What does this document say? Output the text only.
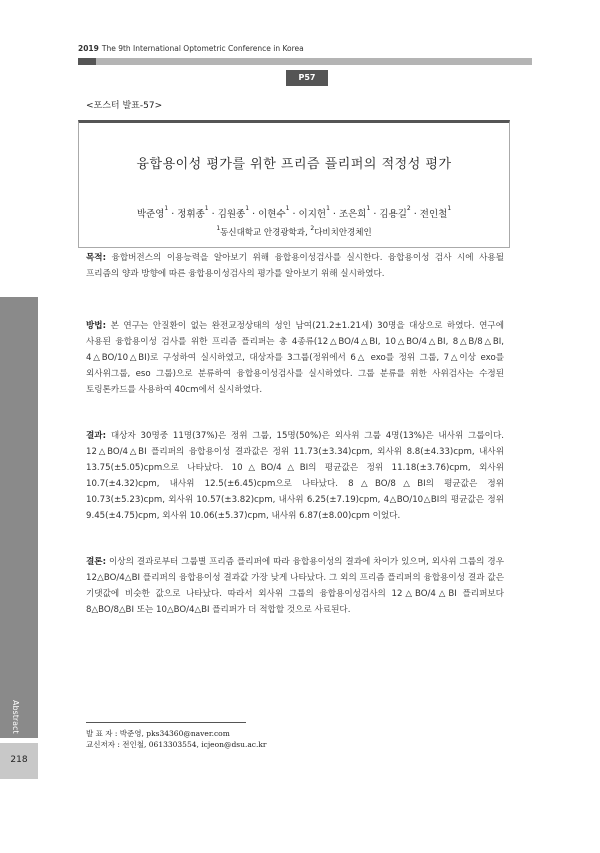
2019 The 9th International Optometric Conference in Korea
P57
<포스터 발표-57>
융합용이성 평가를 위한 프리즘 플리퍼의 적정성 평가
박준영$^1$ · 정휘종$^1$ · 김원종$^1$ · 이현수$^1$ · 이지헌$^1$ · 조은희$^1$ · 김용길$^2$ · 전인철$^1$
$^1$동신대학교 안경광학과, $^2$다비치안경체인
목적: 융합버전스의 이용능력을 알아보기 위해 융합용이성검사를 실시한다. 융합용이성 검사 시에 사용될 프리즘의 양과 방향에 따른 융합용이성검사의 평가를 알아보기 위해 실시하였다.
방법: 본 연구는 안질환이 없는 완전교정상태의 성인 남여(21.2±1.21세) 30명을 대상으로 하였다. 연구에 사용된 융합용이성 검사를 위한 프리즘 플리퍼는 총 4종류(12△BO/4△BI, 10△BO/4△BI, 8△B/8△BI, 4△BO/10△BI)로 구성하여 실시하였고, 대상자를 3그룹(정위에서 6△ exo를 정위 그룹, 7△이상 exo를 외사위그룹, eso 그룹)으로 분류하여 융합용이성검사를 실시하였다. 그룹 분류를 위한 사위검사는 수정된 토링톤카드를 사용하여 40cm에서 실시하였다.
결과: 대상자 30명중 11명(37%)은 정위 그룹, 15명(50%)은 외사위 그룹 4명(13%)은 내사위 그룹이다. 12△BO/4△BI 플리퍼의 융합용이성 결과값은 정위 11.73(±3.34)cpm, 외사위 8.8(±4.33)cpm, 내사위 13.75(±5.05)cpm으로 나타났다. 10△BO/4△BI의 평균값은 정위 11.18(±3.76)cpm, 외사위 10.7(±4.32)cpm, 내사위 12.5(±6.45)cpm으로 나타났다. 8△BO/8△BI의 평균값은 정위 10.73(±5.23)cpm, 외사위 10.57(±3.82)cpm, 내사위 6.25(±7.19)cpm, 4△BO/10△BI의 평균값은 정위 9.45(±4.75)cpm, 외사위 10.06(±5.37)cpm, 내사위 6.87(±8.00)cpm 이었다.
결론: 이상의 결과로부터 그룹별 프리즘 플리퍼에 따라 융합용이성의 결과에 차이가 있으며, 외사위 그룹의 경우 12△BO/4△BI 플리퍼의 융합용이성 결과값 가장 낮게 나타났다. 그 외의 프리즘 플리퍼의 융합용이성 결과 값은 기댓값에 비슷한 값으로 나타났다. 따라서 외사위 그룹의 융합용이성검사의 12△BO/4△BI 플리퍼보다 8△BO/8△BI 또는 10△BO/4△BI 플리퍼가 더 적합할 것으로 사료된다.
발 표 자 : 박준영, pks34360@naver.com
교신저자 : 전인철, 0613303554, icjeon@dsu.ac.kr
Abstract
218
